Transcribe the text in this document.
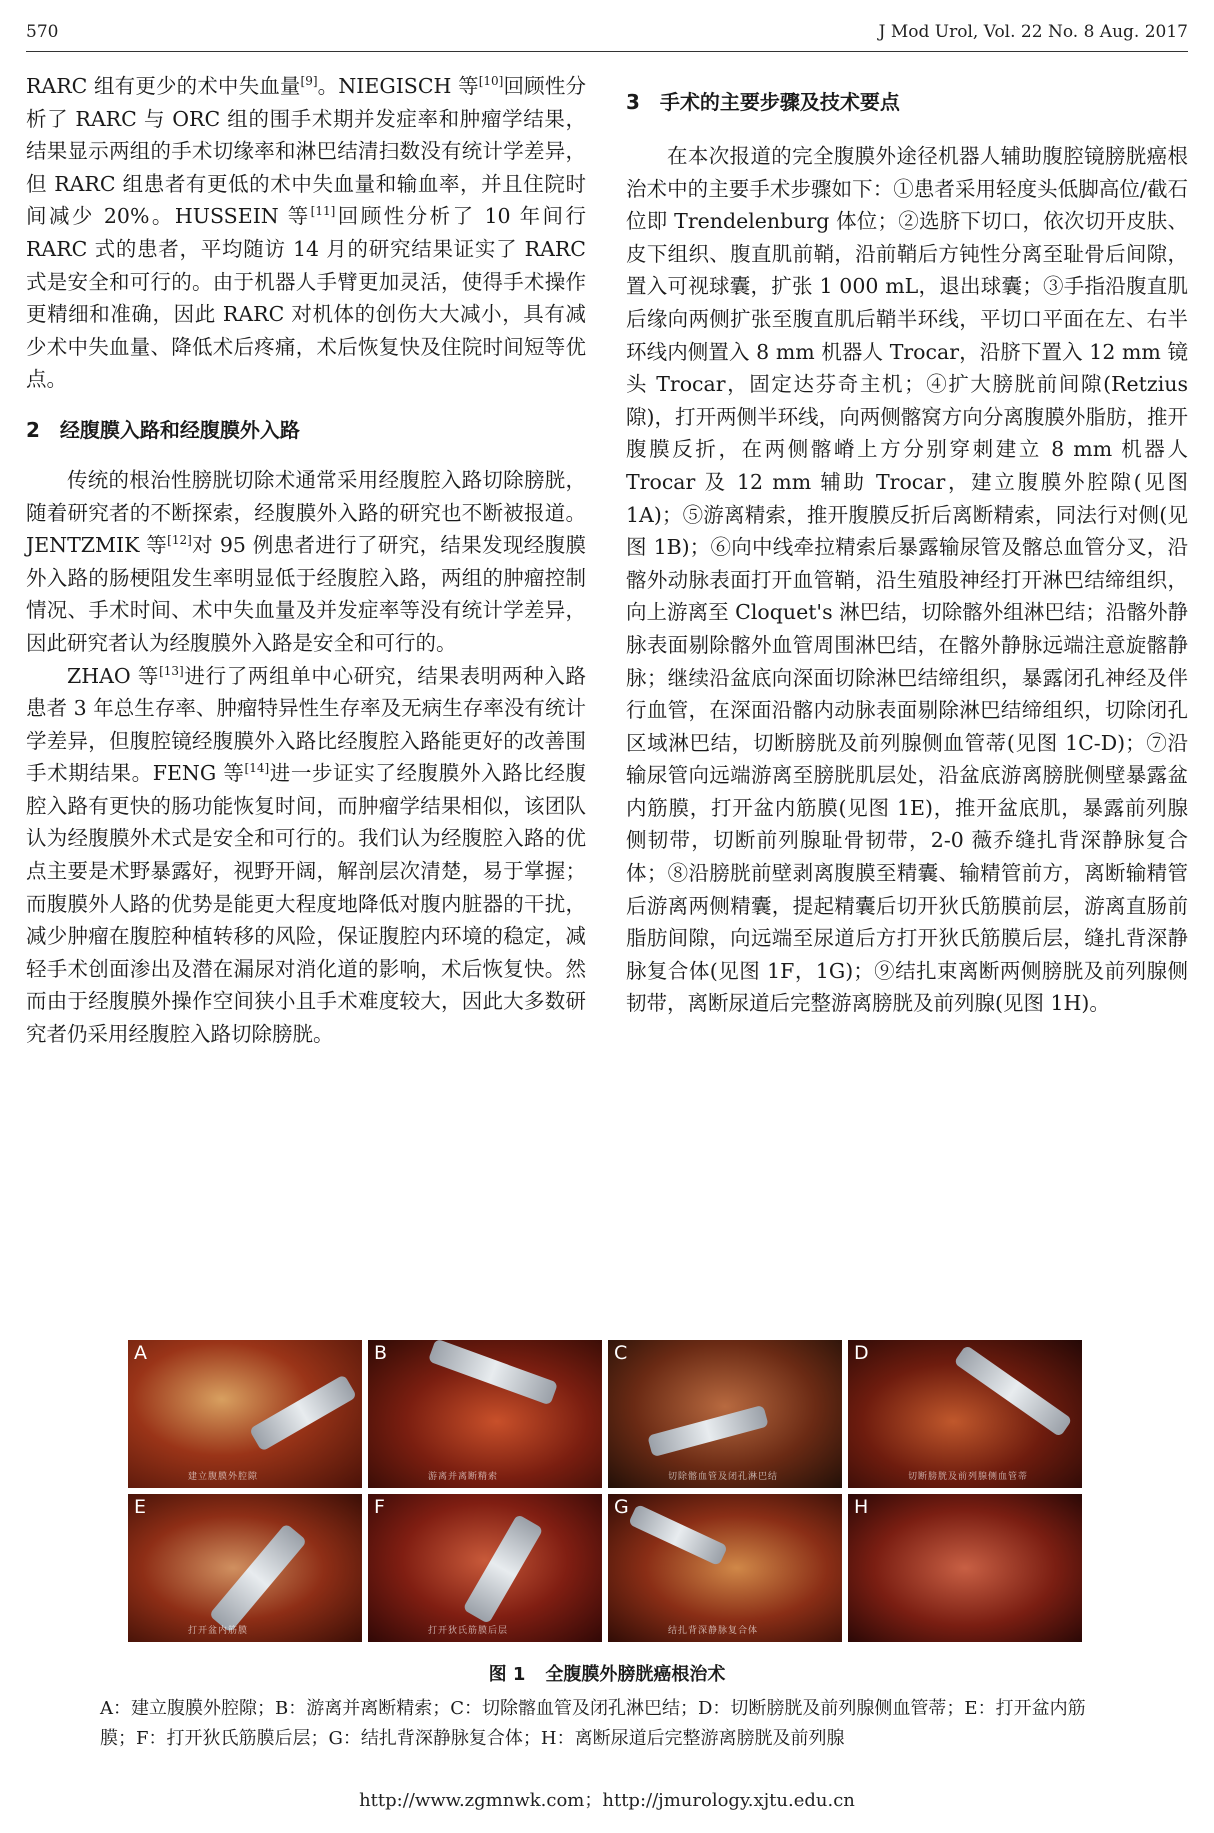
570	J Mod Urol, Vol. 22 No. 8 Aug. 2017

RARC 组有更少的术中失血量[9]。NIEGISCH 等[10]回顾性分析了 RARC 与 ORC 组的围手术期并发症率和肿瘤学结果，结果显示两组的手术切缘率和淋巴结清扫数没有统计学差异，但 RARC 组患者有更低的术中失血量和输血率，并且住院时间减少 20%。HUSSEIN 等[11]回顾性分析了 10 年间行 RARC 式的患者，平均随访 14 月的研究结果证实了 RARC 式是安全和可行的。由于机器人手臂更加灵活，使得手术操作更精细和准确，因此 RARC 对机体的创伤大大减小，具有减少术中失血量、降低术后疼痛，术后恢复快及住院时间短等优点。

2　经腹膜入路和经腹膜外入路

传统的根治性膀胱切除术通常采用经腹腔入路切除膀胱，随着研究者的不断探索，经腹膜外入路的研究也不断被报道。JENTZMIK 等[12]对 95 例患者进行了研究，结果发现经腹膜外入路的肠梗阻发生率明显低于经腹腔入路，两组的肿瘤控制情况、手术时间、术中失血量及并发症率等没有统计学差异，因此研究者认为经腹膜外入路是安全和可行的。

ZHAO 等[13]进行了两组单中心研究，结果表明两种入路患者 3 年总生存率、肿瘤特异性生存率及无病生存率没有统计学差异，但腹腔镜经腹膜外入路比经腹腔入路能更好的改善围手术期结果。FENG 等[14]进一步证实了经腹膜外入路比经腹腔入路有更快的肠功能恢复时间，而肿瘤学结果相似，该团队认为经腹膜外术式是安全和可行的。我们认为经腹腔入路的优点主要是术野暴露好，视野开阔，解剖层次清楚，易于掌握；而腹膜外人路的优势是能更大程度地降低对腹内脏器的干扰，减少肿瘤在腹腔种植转移的风险，保证腹腔内环境的稳定，减轻手术创面渗出及潜在漏尿对消化道的影响，术后恢复快。然而由于经腹膜外操作空间狭小且手术难度较大，因此大多数研究者仍采用经腹腔入路切除膀胱。

3　手术的主要步骤及技术要点

在本次报道的完全腹膜外途径机器人辅助腹腔镜膀胱癌根治术中的主要手术步骤如下：①患者采用轻度头低脚高位/截石位即 Trendelenburg 体位；②选脐下切口，依次切开皮肤、皮下组织、腹直肌前鞘，沿前鞘后方钝性分离至耻骨后间隙，置入可视球囊，扩张 1 000 mL，退出球囊；③手指沿腹直肌后缘向两侧扩张至腹直肌后鞘半环线，平切口平面在左、右半环线内侧置入 8 mm 机器人 Trocar，沿脐下置入 12 mm 镜头 Trocar，固定达芬奇主机；④扩大膀胱前间隙(Retzius 隙)，打开两侧半环线，向两侧髂窝方向分离腹膜外脂肪，推开腹膜反折，在两侧髂嵴上方分别穿刺建立 8 mm 机器人 Trocar 及 12 mm 辅助 Trocar，建立腹膜外腔隙(见图 1A)；⑤游离精索，推开腹膜反折后离断精索，同法行对侧(见图 1B)；⑥向中线牵拉精索后暴露输尿管及髂总血管分叉，沿髂外动脉表面打开血管鞘，沿生殖股神经打开淋巴结缔组织，向上游离至 Cloquet's 淋巴结，切除髂外组淋巴结；沿髂外静脉表面剔除髂外血管周围淋巴结，在髂外静脉远端注意旋髂静脉；继续沿盆底向深面切除淋巴结缔组织，暴露闭孔神经及伴行血管，在深面沿髂内动脉表面剔除淋巴结缔组织，切除闭孔区域淋巴结，切断膀胱及前列腺侧血管蒂(见图 1C-D)；⑦沿输尿管向远端游离至膀胱肌层处，沿盆底游离膀胱侧壁暴露盆内筋膜，打开盆内筋膜(见图 1E)，推开盆底肌，暴露前列腺侧韧带，切断前列腺耻骨韧带，2-0 薇乔缝扎背深静脉复合体；⑧沿膀胱前壁剥离腹膜至精囊、输精管前方，离断输精管后游离两侧精囊，提起精囊后切开狄氏筋膜前层，游离直肠前脂肪间隙，向远端至尿道后方打开狄氏筋膜后层，缝扎背深静脉复合体(见图 1F，1G)；⑨结扎束离断两侧膀胱及前列腺侧韧带，离断尿道后完整游离膀胱及前列腺(见图 1H)。

A
建立腹膜外腔隙
B
游离并离断精索
C
切除髂血管及闭孔淋巴结
D
切断膀胱及前列腺侧血管蒂
E
打开盆内筋膜
F
打开狄氏筋膜后层
G
结扎背深静脉复合体
H
图 1 全腹膜外膀胱癌根治术
A：建立腹膜外腔隙；B：游离并离断精索；C：切除髂血管及闭孔淋巴结；D：切断膀胱及前列腺侧血管蒂；E：打开盆内筋膜；F：打开狄氏筋膜后层；G：结扎背深静脉复合体；H：离断尿道后完整游离膀胱及前列腺
http://www.zgmnwk.com；http://jmurology.xjtu.edu.cn
